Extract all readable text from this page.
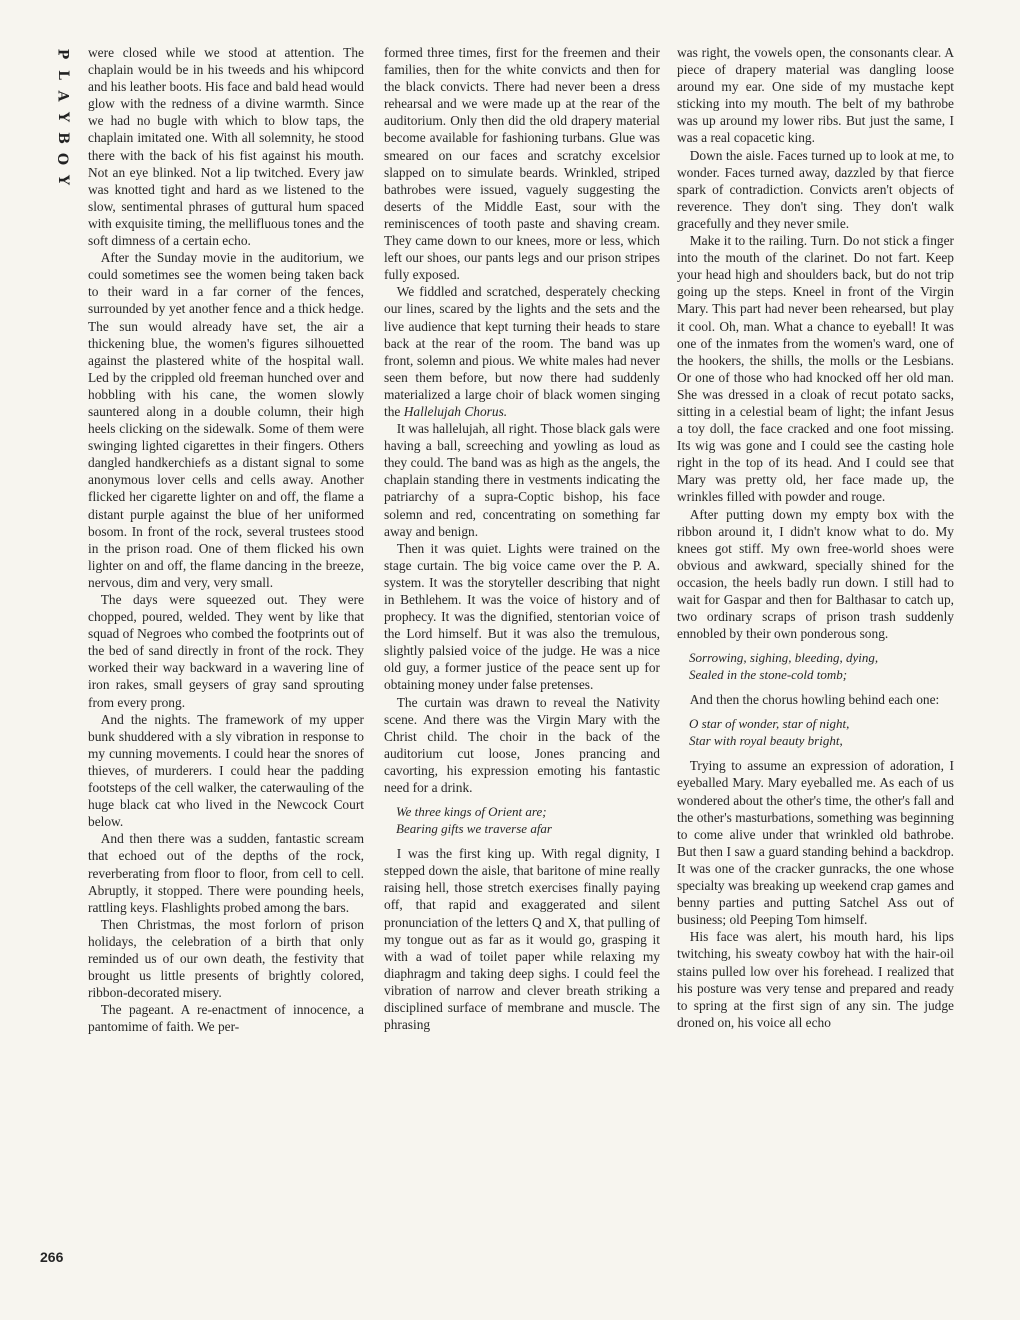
P
L
A
Y
B
O
Y
266

were closed while we stood at attention. The chaplain would be in his tweeds and his whipcord and his leather boots. His face and bald head would glow with the redness of a divine warmth. Since we had no bugle with which to blow taps, the chaplain imitated one. With all solemnity, he stood there with the back of his fist against his mouth. Not an eye blinked. Not a lip twitched. Every jaw was knotted tight and hard as we listened to the slow, sentimental phrases of guttural hum spaced with exquisite timing, the mellifluous tones and the soft dimness of a certain echo.

After the Sunday movie in the auditorium, we could sometimes see the women being taken back to their ward in a far corner of the fences, surrounded by yet another fence and a thick hedge. The sun would already have set, the air a thickening blue, the women's figures silhouetted against the plastered white of the hospital wall. Led by the crippled old freeman hunched over and hobbling with his cane, the women slowly sauntered along in a double column, their high heels clicking on the sidewalk. Some of them were swinging lighted cigarettes in their fingers. Others dangled handkerchiefs as a distant signal to some anonymous lover cells and cells away. Another flicked her cigarette lighter on and off, the flame a distant purple against the blue of her uniformed bosom. In front of the rock, several trustees stood in the prison road. One of them flicked his own lighter on and off, the flame dancing in the breeze, nervous, dim and very, very small.

The days were squeezed out. They were chopped, poured, welded. They went by like that squad of Negroes who combed the footprints out of the bed of sand directly in front of the rock. They worked their way backward in a wavering line of iron rakes, small geysers of gray sand sprouting from every prong.

And the nights. The framework of my upper bunk shuddered with a sly vibration in response to my cunning movements. I could hear the snores of thieves, of murderers. I could hear the padding footsteps of the cell walker, the caterwauling of the huge black cat who lived in the Newcock Court below.

And then there was a sudden, fantastic scream that echoed out of the depths of the rock, reverberating from floor to floor, from cell to cell. Abruptly, it stopped. There were pounding heels, rattling keys. Flashlights probed among the bars.

Then Christmas, the most forlorn of prison holidays, the celebration of a birth that only reminded us of our own death, the festivity that brought us little presents of brightly colored, ribbon-decorated misery.

The pageant. A re-enactment of innocence, a pantomime of faith. We per-

formed three times, first for the freemen and their families, then for the white convicts and then for the black convicts. There had never been a dress rehearsal and we were made up at the rear of the auditorium. Only then did the old drapery material become available for fashioning turbans. Glue was smeared on our faces and scratchy excelsior slapped on to simulate beards. Wrinkled, striped bathrobes were issued, vaguely suggesting the deserts of the Middle East, sour with the reminiscences of tooth paste and shaving cream. They came down to our knees, more or less, which left our shoes, our pants legs and our prison stripes fully exposed.

We fiddled and scratched, desperately checking our lines, scared by the lights and the sets and the live audience that kept turning their heads to stare back at the rear of the room. The band was up front, solemn and pious. We white males had never seen them before, but now there had suddenly materialized a large choir of black women singing the Hallelujah Chorus.

It was hallelujah, all right. Those black gals were having a ball, screeching and yowling as loud as they could. The band was as high as the angels, the chaplain standing there in vestments indicating the patriarchy of a supra-Coptic bishop, his face solemn and red, concentrating on something far away and benign.

Then it was quiet. Lights were trained on the stage curtain. The big voice came over the P. A. system. It was the storyteller describing that night in Bethlehem. It was the voice of history and of prophecy. It was the dignified, stentorian voice of the Lord himself. But it was also the tremulous, slightly palsied voice of the judge. He was a nice old guy, a former justice of the peace sent up for obtaining money under false pretenses.

The curtain was drawn to reveal the Nativity scene. And there was the Virgin Mary with the Christ child. The choir in the back of the auditorium cut loose, Jones prancing and cavorting, his expression emoting his fantastic need for a drink.

We three kings of Orient are;
Bearing gifts we traverse afar

I was the first king up. With regal dignity, I stepped down the aisle, that baritone of mine really raising hell, those stretch exercises finally paying off, that rapid and exaggerated and silent pronunciation of the letters Q and X, that pulling of my tongue out as far as it would go, grasping it with a wad of toilet paper while relaxing my diaphragm and taking deep sighs. I could feel the vibration of narrow and clever breath striking a disciplined surface of membrane and muscle. The phrasing

was right, the vowels open, the consonants clear. A piece of drapery material was dangling loose around my ear. One side of my mustache kept sticking into my mouth. The belt of my bathrobe was up around my lower ribs. But just the same, I was a real copacetic king.

Down the aisle. Faces turned up to look at me, to wonder. Faces turned away, dazzled by that fierce spark of contradiction. Convicts aren't objects of reverence. They don't sing. They don't walk gracefully and they never smile.

Make it to the railing. Turn. Do not stick a finger into the mouth of the clarinet. Do not fart. Keep your head high and shoulders back, but do not trip going up the steps. Kneel in front of the Virgin Mary. This part had never been rehearsed, but play it cool. Oh, man. What a chance to eyeball! It was one of the inmates from the women's ward, one of the hookers, the shills, the molls or the Lesbians. Or one of those who had knocked off her old man. She was dressed in a cloak of recut potato sacks, sitting in a celestial beam of light; the infant Jesus a toy doll, the face cracked and one foot missing. Its wig was gone and I could see the casting hole right in the top of its head. And I could see that Mary was pretty old, her face made up, the wrinkles filled with powder and rouge.

After putting down my empty box with the ribbon around it, I didn't know what to do. My knees got stiff. My own free-world shoes were obvious and awkward, specially shined for the occasion, the heels badly run down. I still had to wait for Gaspar and then for Balthasar to catch up, two ordinary scraps of prison trash suddenly ennobled by their own ponderous song.

Sorrowing, sighing, bleeding, dying,
Sealed in the stone-cold tomb;

And then the chorus howling behind each one:

O star of wonder, star of night,
Star with royal beauty bright,

Trying to assume an expression of adoration, I eyeballed Mary. Mary eyeballed me. As each of us wondered about the other's time, the other's fall and the other's masturbations, something was beginning to come alive under that wrinkled old bathrobe. But then I saw a guard standing behind a backdrop. It was one of the cracker gunracks, the one whose specialty was breaking up weekend crap games and benny parties and putting Satchel Ass out of business; old Peeping Tom himself.

His face was alert, his mouth hard, his lips twitching, his sweaty cowboy hat with the hair-oil stains pulled low over his forehead. I realized that his posture was very tense and prepared and ready to spring at the first sign of any sin. The judge droned on, his voice all echo
